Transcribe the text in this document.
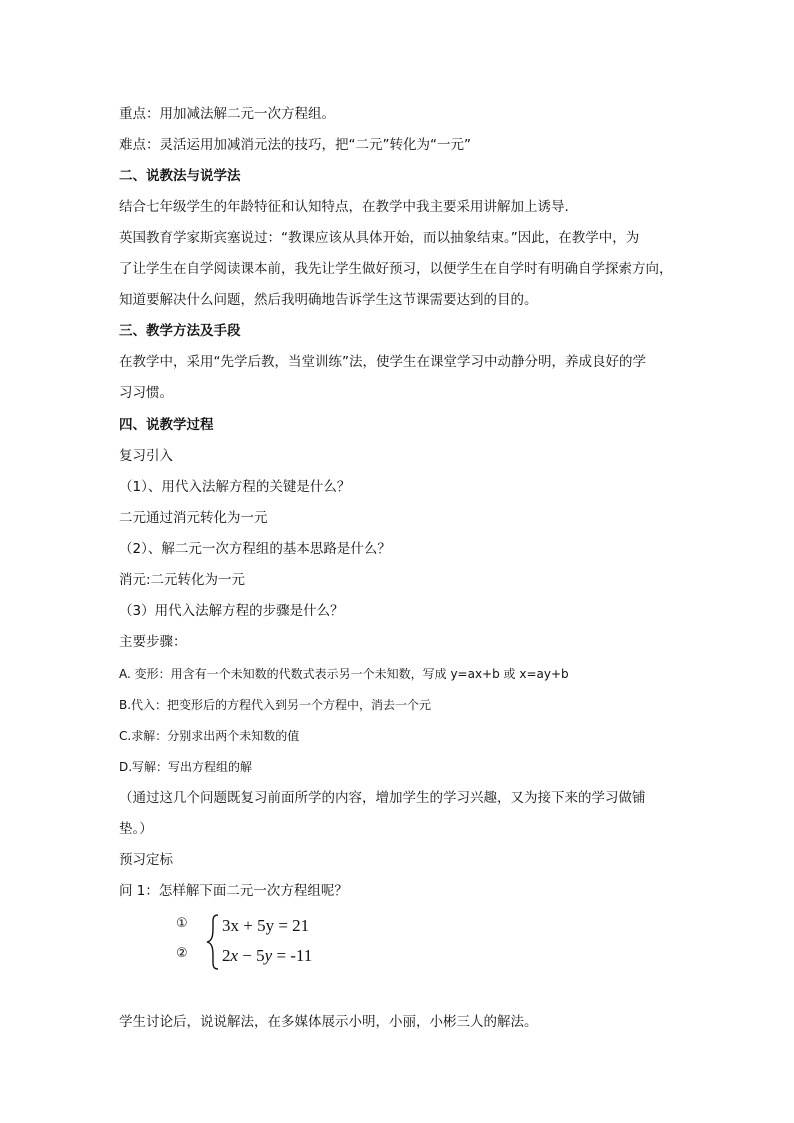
重点：用加减法解二元一次方程组。

难点：灵活运用加减消元法的技巧，把“二元”转化为“一元”

二、说教法与说学法

结合七年级学生的年龄特征和认知特点，在教学中我主要采用讲解加上诱导.

英国教育学家斯宾塞说过：“教课应该从具体开始，而以抽象结束。”因此，在教学中，为

了让学生在自学阅读课本前，我先让学生做好预习，以便学生在自学时有明确自学探索方向，

知道要解决什么问题，然后我明确地告诉学生这节课需要达到的目的。

三、教学方法及手段

在教学中，采用“先学后教，当堂训练”法，使学生在课堂学习中动静分明，养成良好的学

习习惯。

四、说教学过程

复习引入

（1）、用代入法解方程的关键是什么？

二元通过消元转化为一元

（2）、解二元一次方程组的基本思路是什么？

消元:二元转化为一元

（3）用代入法解方程的步骤是什么？

主要步骤：

A. 变形：用含有一个未知数的代数式表示另一个未知数，写成 y=ax+b 或 x=ay+b

B.代入：把变形后的方程代入到另一个方程中，消去一个元

C.求解：分别求出两个未知数的值

D.写解：写出方程组的解

（通过这几个问题既复习前面所学的内容，增加学生的学习兴趣，又为接下来的学习做铺

垫。）

预习定标

问 1：怎样解下面二元一次方程组呢？

①
②
3x + 5y = 21
2x − 5y = -11

学生讨论后，说说解法，在多媒体展示小明，小丽，小彬三人的解法。
